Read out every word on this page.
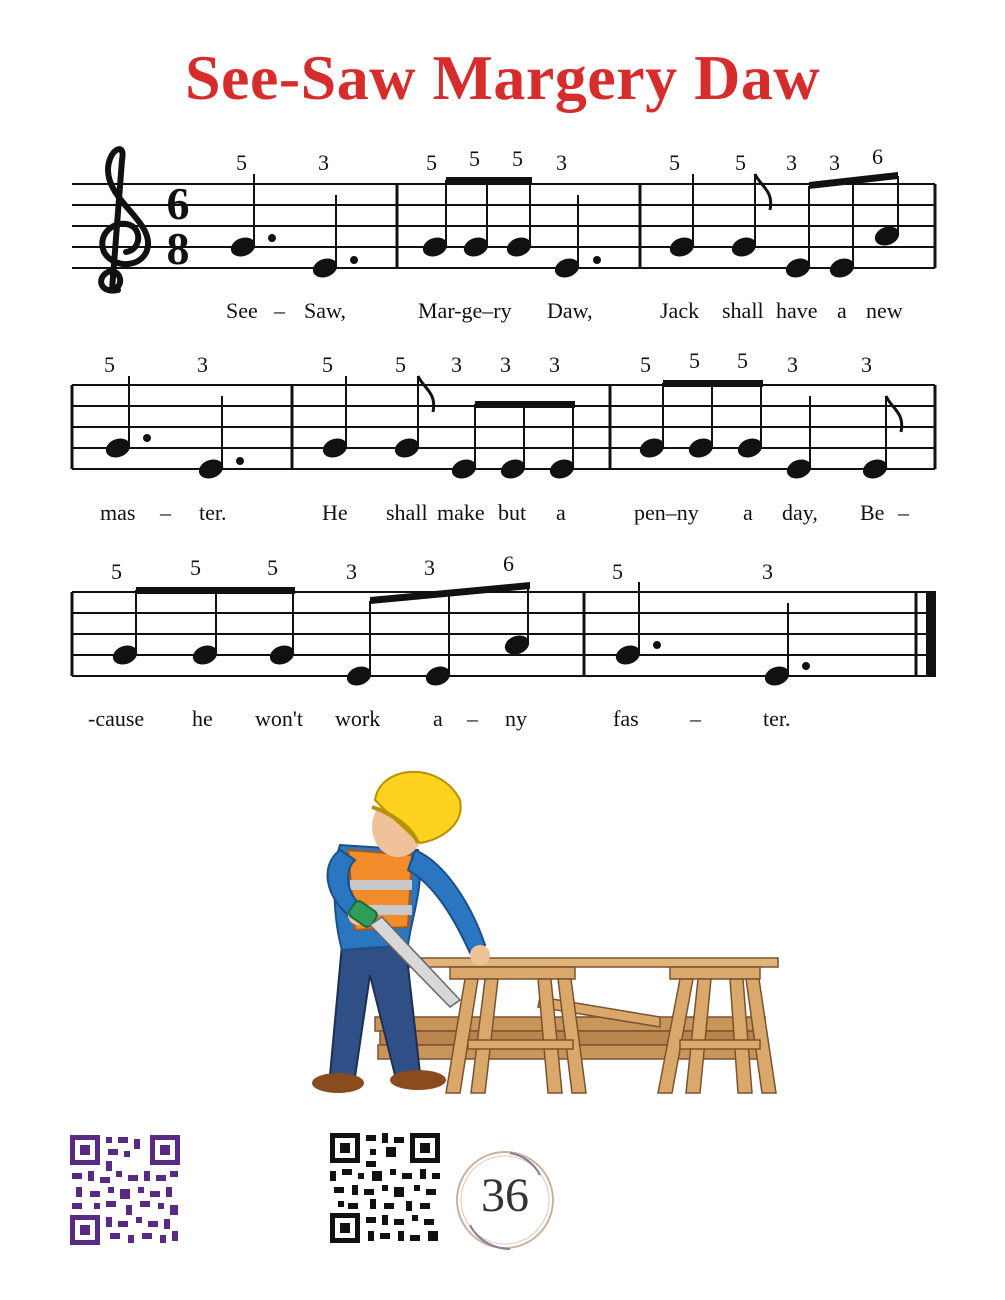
See-Saw Margery Daw
6
8
5	3	5 5 5 3	5	5 3 3 6
See – Saw,	Mar-ge–ry Daw,	Jack shall have a new
5	3	5	5 3 3 3	5 5 5 3	3
mas – ter.	He shall make but a	pen–ny a day, Be –
5	5	5	3	3	6	5	3
-cause he won't work a – ny	fas –	ter.
36
